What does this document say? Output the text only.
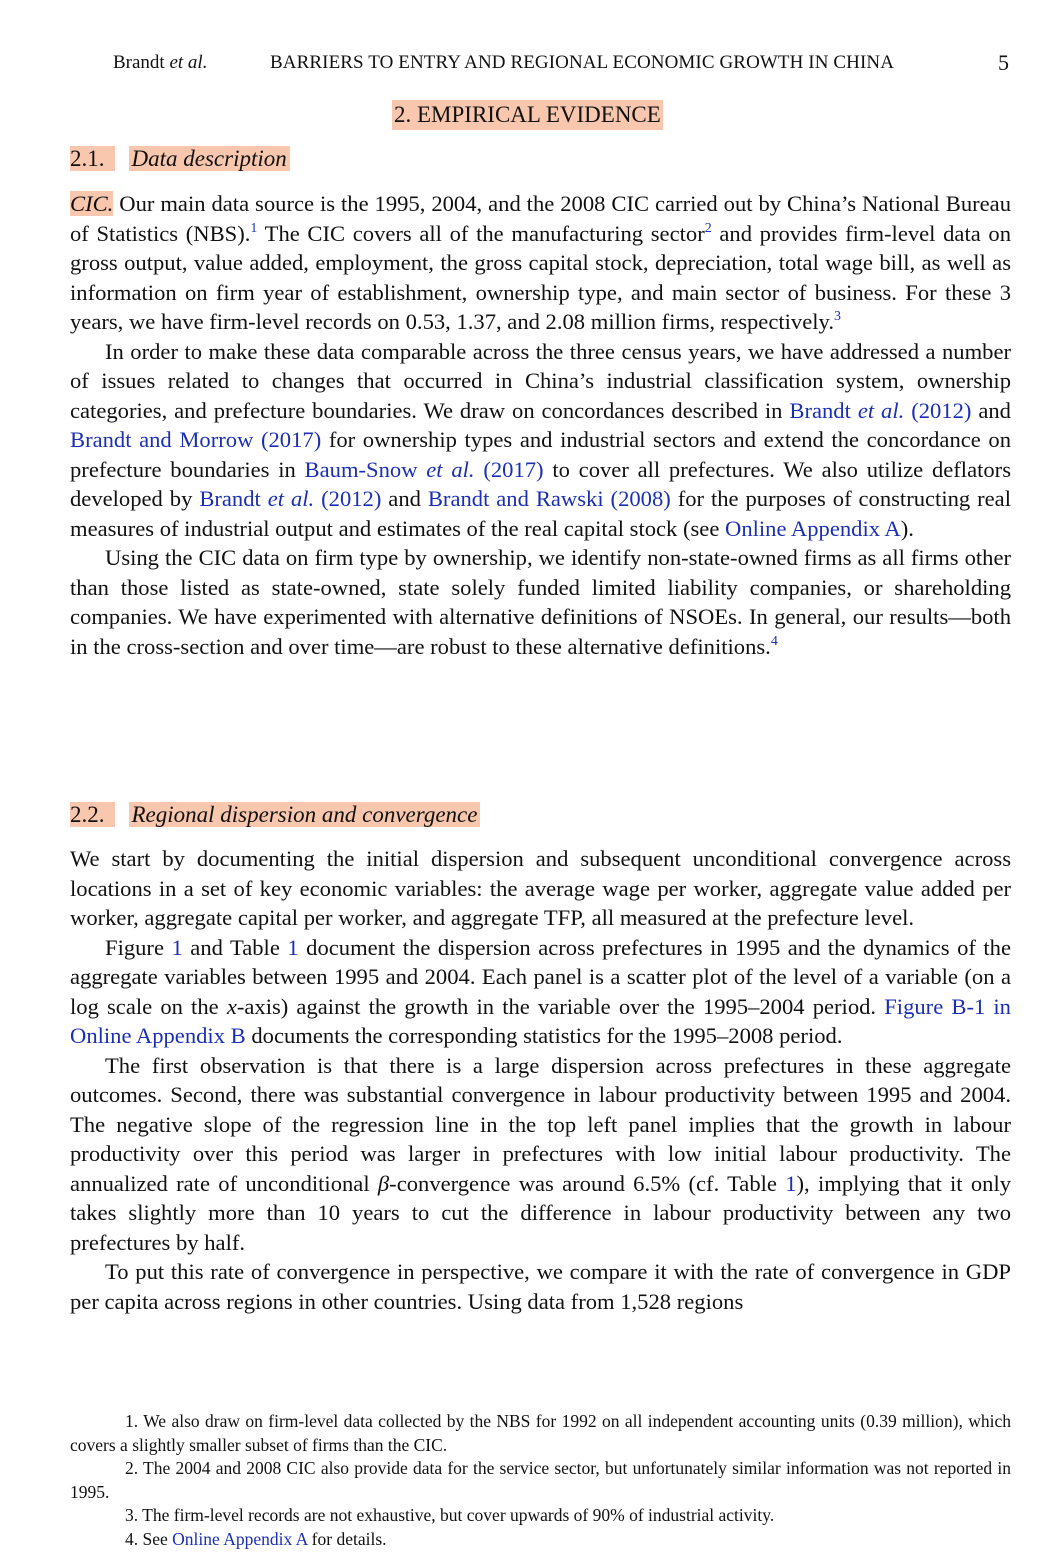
Brandt et al.	BARRIERS TO ENTRY AND REGIONAL ECONOMIC GROWTH IN CHINA	5
2. EMPIRICAL EVIDENCE
2.1. Data description

CIC. Our main data source is the 1995, 2004, and the 2008 CIC carried out by China’s National Bureau of Statistics (NBS).$^1$ The CIC covers all of the manufacturing sector$^2$ and provides firm-level data on gross output, value added, employment, the gross capital stock, depreciation, total wage bill, as well as information on firm year of establishment, ownership type, and main sector of business. For these 3 years, we have firm-level records on 0.53, 1.37, and 2.08 million firms, respectively.$^3$

In order to make these data comparable across the three census years, we have addressed a number of issues related to changes that occurred in China’s industrial classification system, ownership categories, and prefecture boundaries. We draw on concordances described in Brandt et al. (2012) and Brandt and Morrow (2017) for ownership types and industrial sectors and extend the concordance on prefecture boundaries in Baum-Snow et al. (2017) to cover all prefectures. We also utilize deflators developed by Brandt et al. (2012) and Brandt and Rawski (2008) for the purposes of constructing real measures of industrial output and estimates of the real capital stock (see Online Appendix A).

Using the CIC data on firm type by ownership, we identify non-state-owned firms as all firms other than those listed as state-owned, state solely funded limited liability companies, or shareholding companies. We have experimented with alternative definitions of NSOEs. In general, our results—both in the cross-section and over time—are robust to these alternative definitions.$^4$

2.2. Regional dispersion and convergence

We start by documenting the initial dispersion and subsequent unconditional convergence across locations in a set of key economic variables: the average wage per worker, aggregate value added per worker, aggregate capital per worker, and aggregate TFP, all measured at the prefecture level.

Figure 1 and Table 1 document the dispersion across prefectures in 1995 and the dynamics of the aggregate variables between 1995 and 2004. Each panel is a scatter plot of the level of a variable (on a log scale on the x-axis) against the growth in the variable over the 1995–2004 period. Figure B-1 in Online Appendix B documents the corresponding statistics for the 1995–2008 period.

The first observation is that there is a large dispersion across prefectures in these aggregate outcomes. Second, there was substantial convergence in labour productivity between 1995 and 2004. The negative slope of the regression line in the top left panel implies that the growth in labour productivity over this period was larger in prefectures with low initial labour productivity. The annualized rate of unconditional β-convergence was around 6.5% (cf. Table 1), implying that it only takes slightly more than 10 years to cut the difference in labour productivity between any two prefectures by half.

To put this rate of convergence in perspective, we compare it with the rate of convergence in GDP per capita across regions in other countries. Using data from 1,528 regions

1. We also draw on firm-level data collected by the NBS for 1992 on all independent accounting units (0.39 million), which covers a slightly smaller subset of firms than the CIC.

2. The 2004 and 2008 CIC also provide data for the service sector, but unfortunately similar information was not reported in 1995.

3. The firm-level records are not exhaustive, but cover upwards of 90% of industrial activity.

4. See Online Appendix A for details.
